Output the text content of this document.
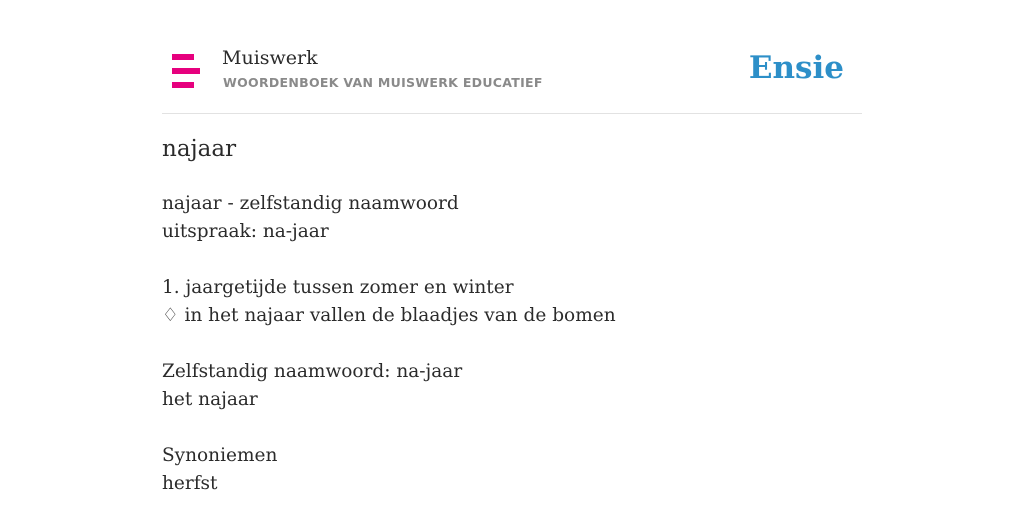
Muiswerk
WOORDENBOEK VAN MUISWERK EDUCATIEF	Ensie
najaar
najaar - zelfstandig naamwoord
uitspraak: na-jaar
1. jaargetijde tussen zomer en winter
♢ in het najaar vallen de blaadjes van de bomen
Zelfstandig naamwoord: na-jaar
het najaar
Synoniemen
herfst
